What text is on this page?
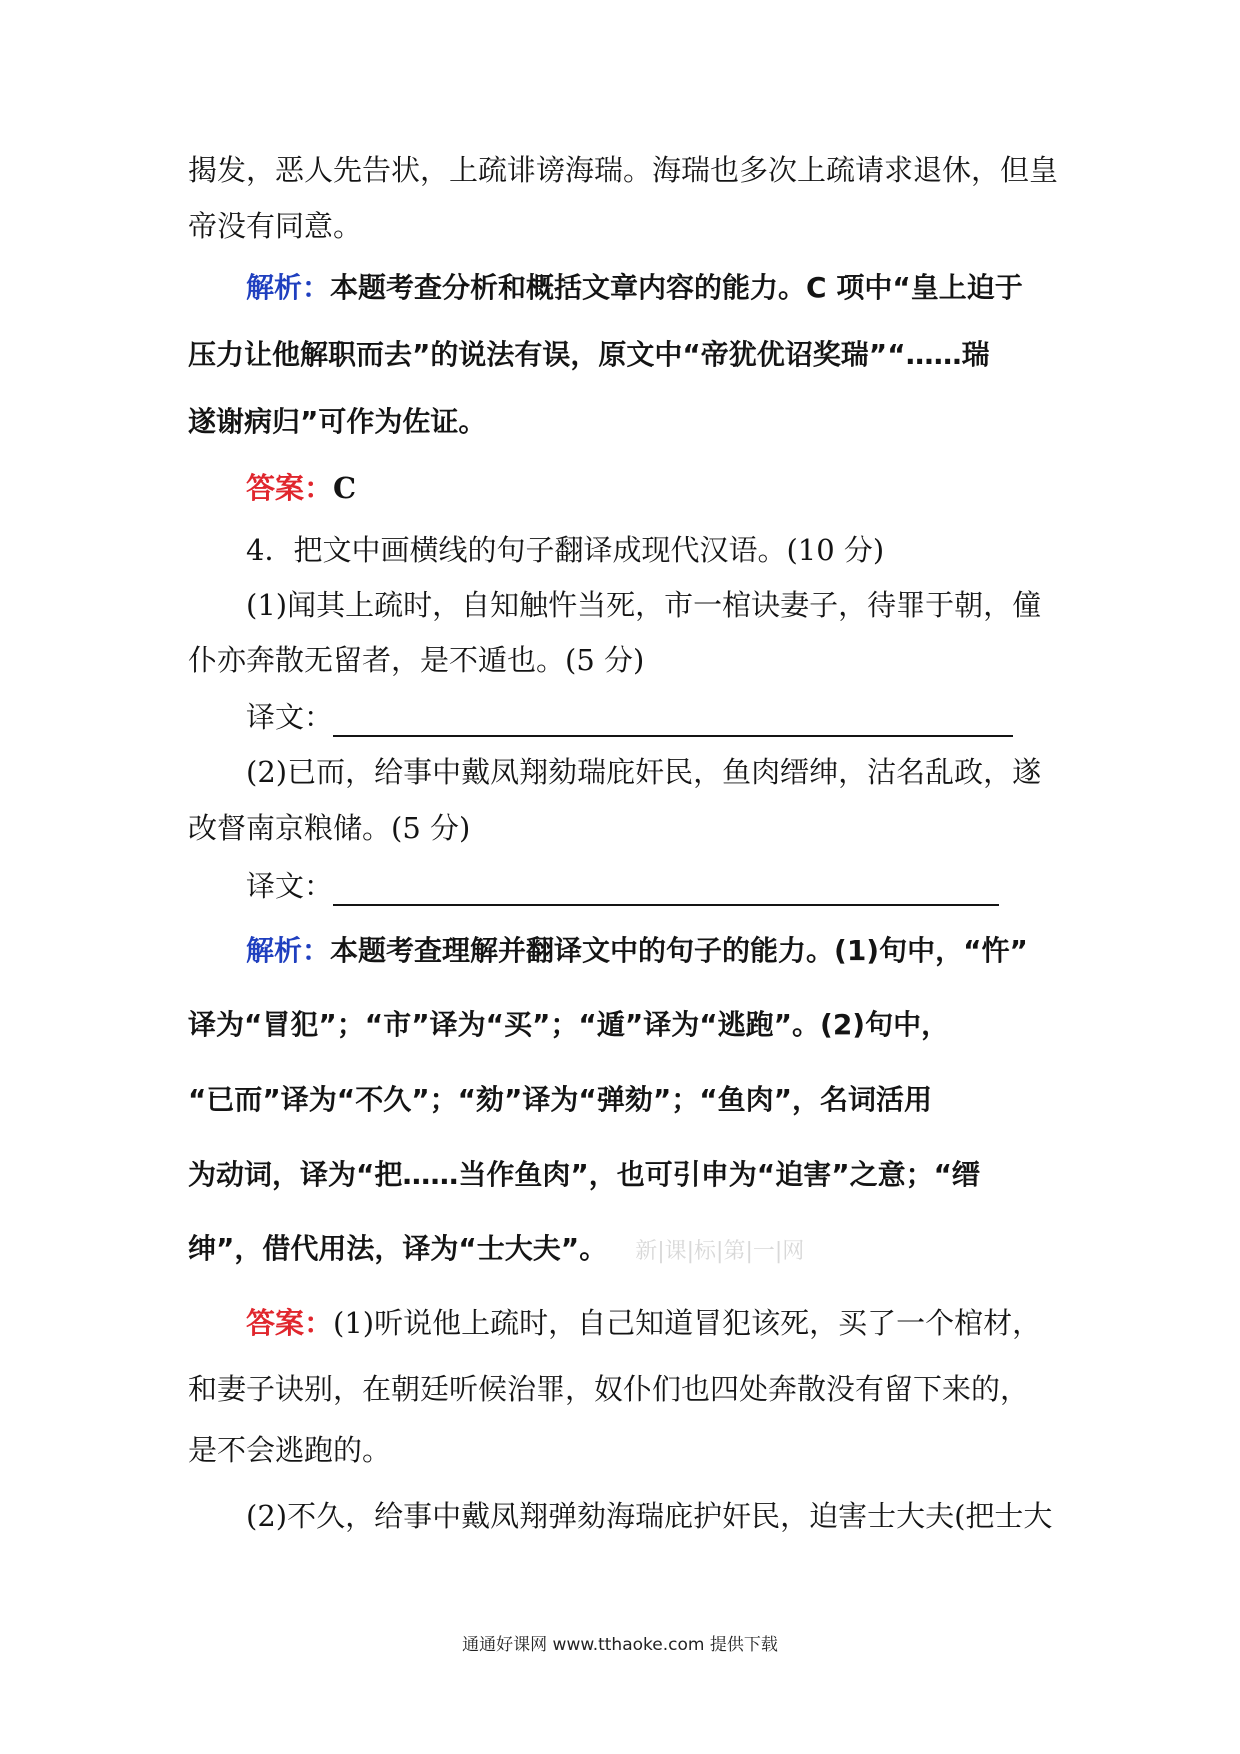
揭发，恶人先告状，上疏诽谤海瑞。海瑞也多次上疏请求退休，但皇
帝没有同意。
解析：本题考查分析和概括文章内容的能力。C 项中“皇上迫于
压力让他解职而去”的说法有误，原文中“帝犹优诏奖瑞”“……瑞
遂谢病归”可作为佐证。
答案：C
4．把文中画横线的句子翻译成现代汉语。(10 分)
(1)闻其上疏时，自知触忤当死，市一棺诀妻子，待罪于朝，僮
仆亦奔散无留者，是不遁也。(5 分)
译文：
(2)已而，给事中戴凤翔劾瑞庇奸民，鱼肉缙绅，沽名乱政，遂
改督南京粮储。(5 分)
译文：
解析：本题考查理解并翻译文中的句子的能力。(1)句中，“忤”
译为“冒犯”；“市”译为“买”；“遁”译为“逃跑”。(2)句中，
“已而”译为“不久”；“劾”译为“弹劾”；“鱼肉”，名词活用
为动词，译为“把……当作鱼肉”，也可引申为“迫害”之意；“缙
绅”，借代用法，译为“士大夫”。 新|课|标|第|一|网
答案：(1)听说他上疏时，自己知道冒犯该死，买了一个棺材，
和妻子诀别，在朝廷听候治罪，奴仆们也四处奔散没有留下来的，
是不会逃跑的。
(2)不久，给事中戴凤翔弹劾海瑞庇护奸民，迫害士大夫(把士大
通通好课网 www.tthaoke.com 提供下载
